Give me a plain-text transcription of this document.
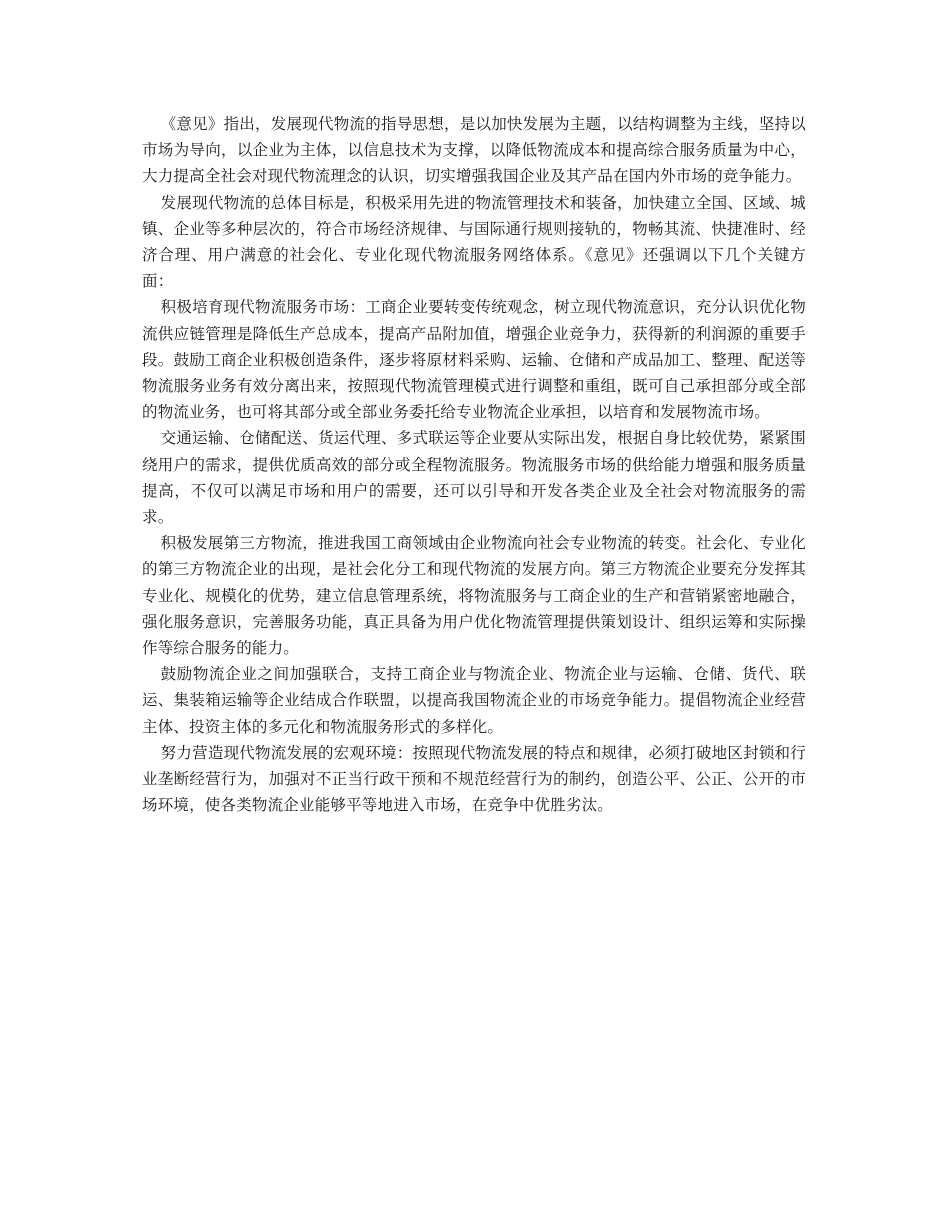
《意见》指出，发展现代物流的指导思想，是以加快发展为主题，以结构调整为主线，坚持以市场为导向，以企业为主体，以信息技术为支撑，以降低物流成本和提高综合服务质量为中心，大力提高全社会对现代物流理念的认识，切实增强我国企业及其产品在国内外市场的竞争能力。

发展现代物流的总体目标是，积极采用先进的物流管理技术和装备，加快建立全国、区域、城镇、企业等多种层次的，符合市场经济规律、与国际通行规则接轨的，物畅其流、快捷准时、经济合理、用户满意的社会化、专业化现代物流服务网络体系。《意见》还强调以下几个关键方面：

积极培育现代物流服务市场：工商企业要转变传统观念，树立现代物流意识，充分认识优化物流供应链管理是降低生产总成本，提高产品附加值，增强企业竞争力，获得新的利润源的重要手段。鼓励工商企业积极创造条件，逐步将原材料采购、运输、仓储和产成品加工、整理、配送等物流服务业务有效分离出来，按照现代物流管理模式进行调整和重组，既可自己承担部分或全部的物流业务，也可将其部分或全部业务委托给专业物流企业承担，以培育和发展物流市场。

交通运输、仓储配送、货运代理、多式联运等企业要从实际出发，根据自身比较优势，紧紧围绕用户的需求，提供优质高效的部分或全程物流服务。物流服务市场的供给能力增强和服务质量提高，不仅可以满足市场和用户的需要，还可以引导和开发各类企业及全社会对物流服务的需求。

积极发展第三方物流，推进我国工商领域由企业物流向社会专业物流的转变。社会化、专业化的第三方物流企业的出现，是社会化分工和现代物流的发展方向。第三方物流企业要充分发挥其专业化、规模化的优势，建立信息管理系统，将物流服务与工商企业的生产和营销紧密地融合，强化服务意识，完善服务功能，真正具备为用户优化物流管理提供策划设计、组织运筹和实际操作等综合服务的能力。

鼓励物流企业之间加强联合，支持工商企业与物流企业、物流企业与运输、仓储、货代、联运、集装箱运输等企业结成合作联盟，以提高我国物流企业的市场竞争能力。提倡物流企业经营主体、投资主体的多元化和物流服务形式的多样化。

努力营造现代物流发展的宏观环境：按照现代物流发展的特点和规律，必须打破地区封锁和行业垄断经营行为，加强对不正当行政干预和不规范经营行为的制约，创造公平、公正、公开的市场环境，使各类物流企业能够平等地进入市场，在竞争中优胜劣汰。
